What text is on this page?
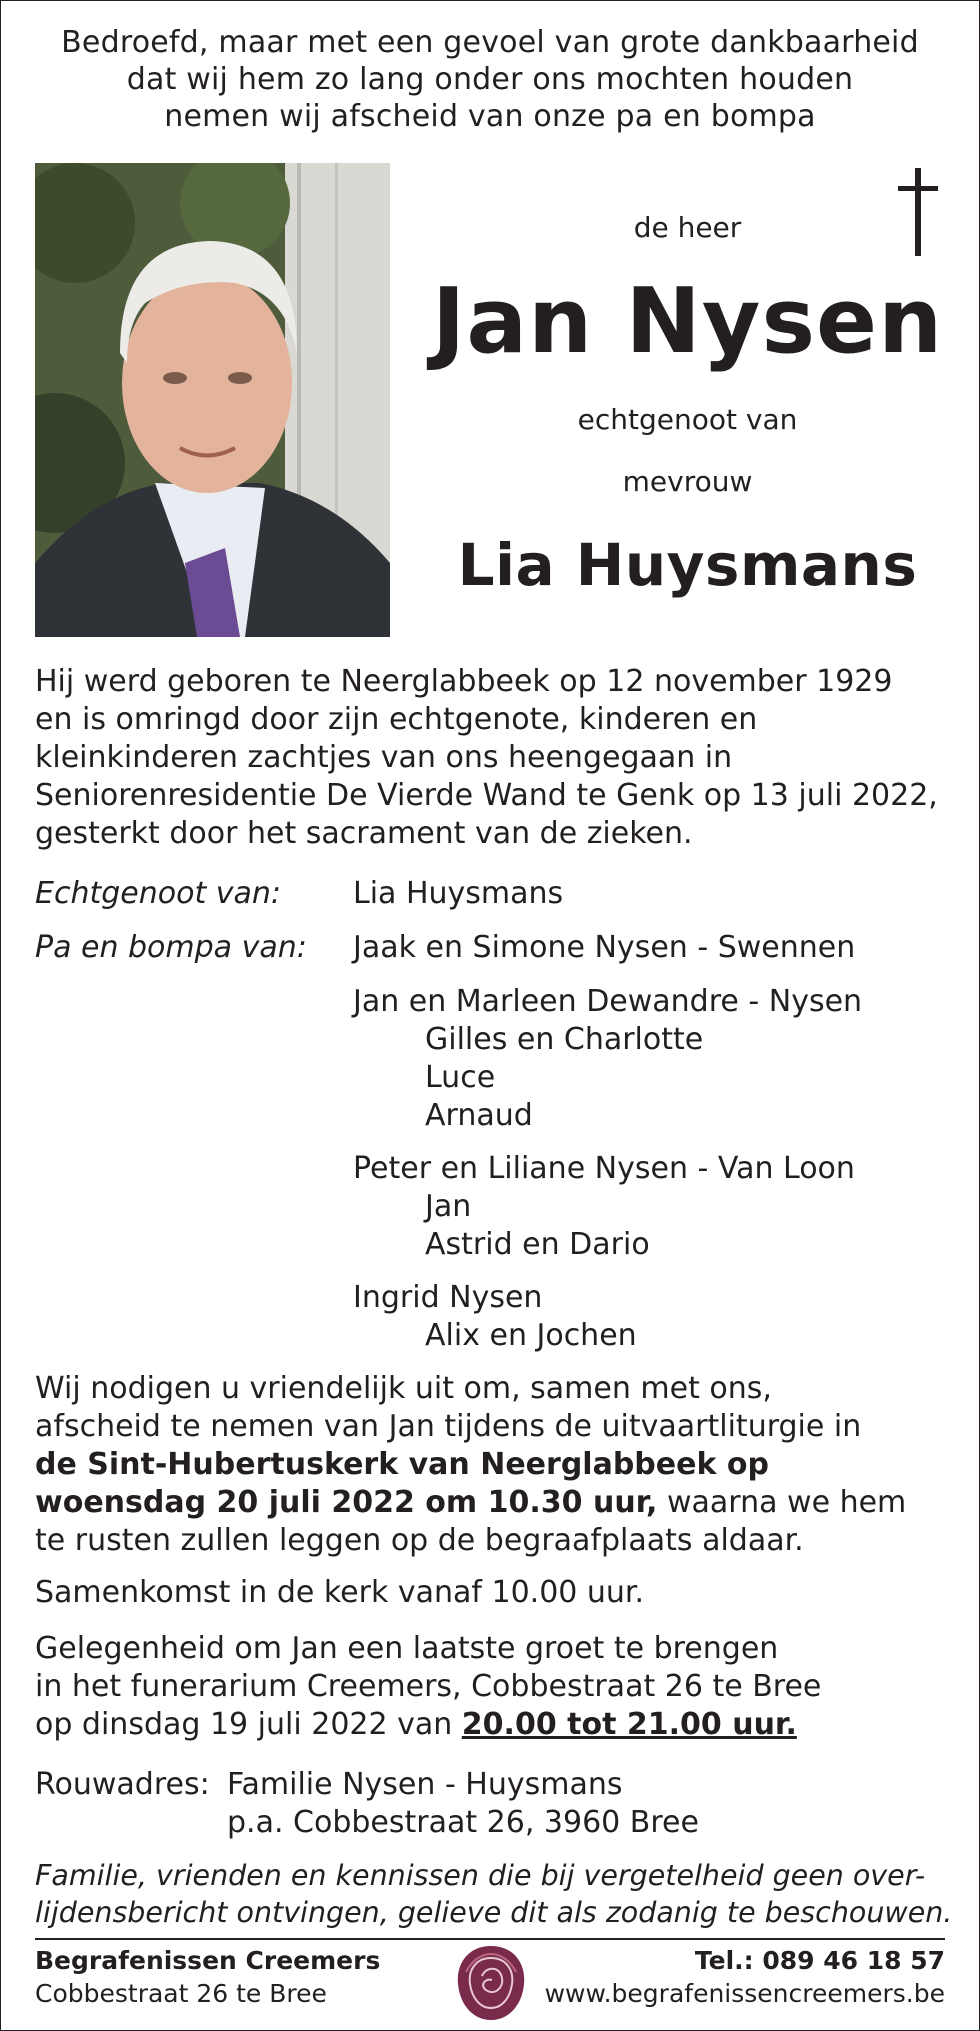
Bedroefd, maar met een gevoel van grote dankbaarheid
dat wij hem zo lang onder ons mochten houden
nemen wij afscheid van onze pa en bompa
de heer
Jan Nysen
echtgenoot van
mevrouw
Lia Huysmans
Hij werd geboren te Neerglabbeek op 12 november 1929
en is omringd door zijn echtgenote, kinderen en
kleinkinderen zachtjes van ons heengegaan in
Seniorenresidentie De Vierde Wand te Genk op 13 juli 2022,
gesterkt door het sacrament van de zieken.
Echtgenoot van: Lia Huysmans
Pa en bompa van: Jaak en Simone Nysen - Swennen
Jan en Marleen Dewandre - Nysen
Gilles en Charlotte
Luce
Arnaud
Peter en Liliane Nysen - Van Loon
Jan
Astrid en Dario
Ingrid Nysen
Alix en Jochen
Wij nodigen u vriendelijk uit om, samen met ons,
afscheid te nemen van Jan tijdens de uitvaartliturgie in
de Sint-Hubertuskerk van Neerglabbeek op
woensdag 20 juli 2022 om 10.30 uur, waarna we hem
te rusten zullen leggen op de begraafplaats aldaar.
Samenkomst in de kerk vanaf 10.00 uur.
Gelegenheid om Jan een laatste groet te brengen
in het funerarium Creemers, Cobbestraat 26 te Bree
op dinsdag 19 juli 2022 van 20.00 tot 21.00 uur.
Rouwadres: Familie Nysen - Huysmans
p.a. Cobbestraat 26, 3960 Bree
Familie, vrienden en kennissen die bij vergetelheid geen over-
lijdensbericht ontvingen, gelieve dit als zodanig te beschouwen.
Begrafenissen Creemers
Cobbestraat 26 te Bree
Tel.: 089 46 18 57
www.begrafenissencreemers.be
